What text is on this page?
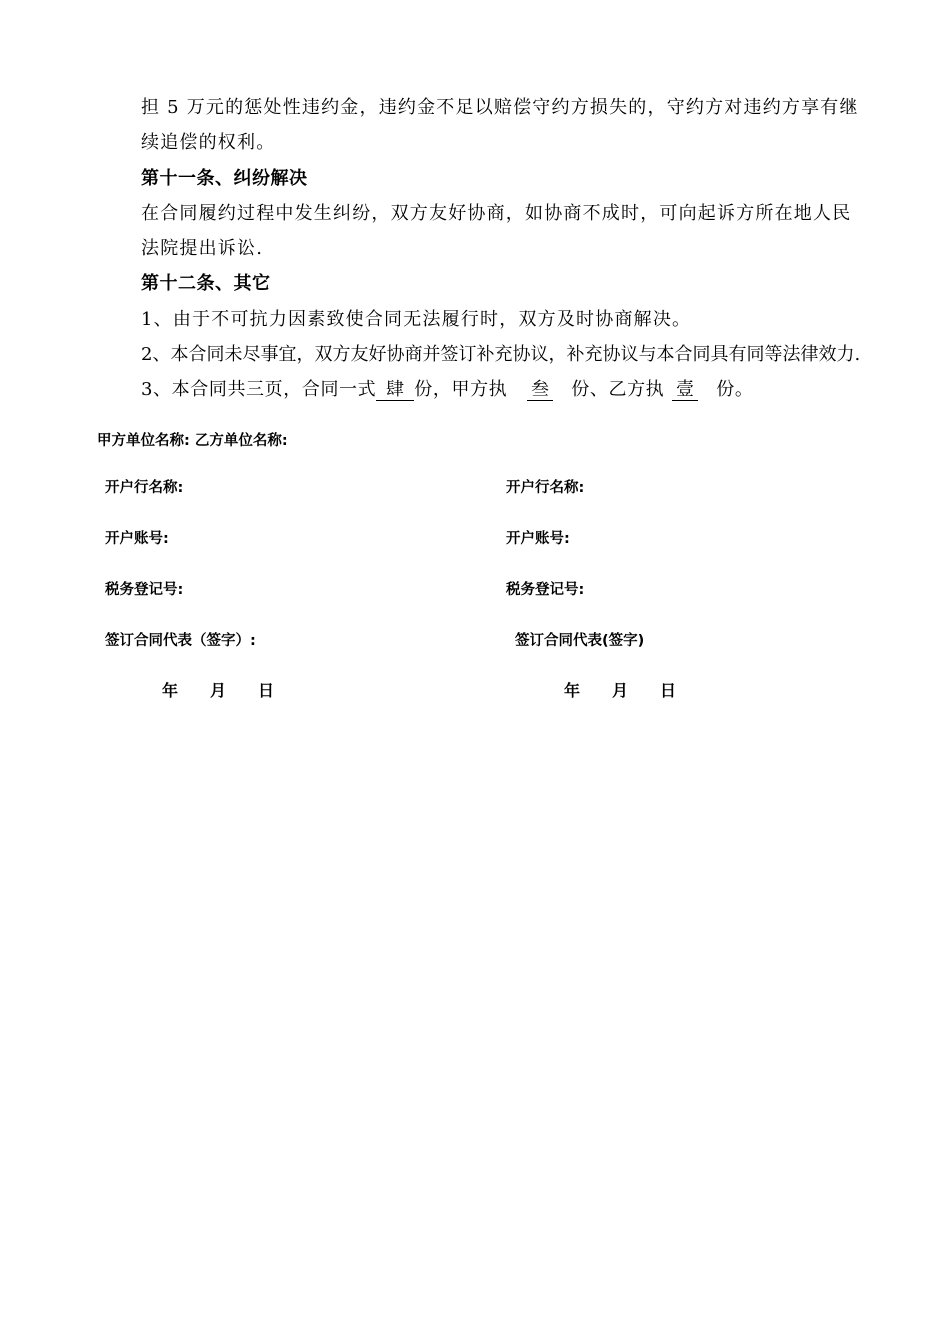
担 5 万元的惩处性违约金，违约金不足以赔偿守约方损失的，守约方对违约方享有继
续追偿的权利。
第十一条、纠纷解决
在合同履约过程中发生纠纷，双方友好协商，如协商不成时，可向起诉方所在地人民
法院提出诉讼.
第十二条、其它
1、由于不可抗力因素致使合同无法履行时，双方及时协商解决。
2、本合同未尽事宜，双方友好协商并签订补充协议，补充协议与本合同具有同等法律效力.
3、本合同共三页，合同一式 肆 份，甲方执 叁 份、乙方执 壹 份。
甲方单位名称: 乙方单位名称:
开户行名称:
开户账号:
税务登记号:
签订合同代表（签字）:
年 月 日
开户行名称:
开户账号:
税务登记号:
签订合同代表(签字)
年 月 日
